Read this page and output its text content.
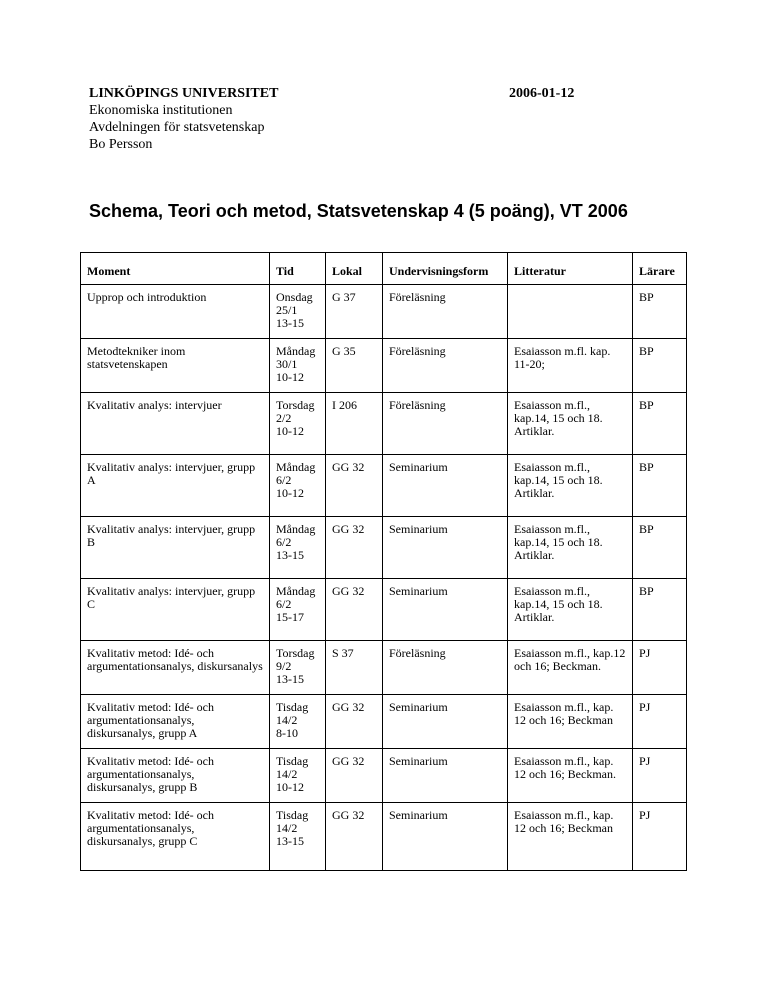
LINKÖPINGS UNIVERSITET
Ekonomiska institutionen
Avdelningen för statsvetenskap
Bo Persson
2006-01-12
Schema, Teori och metod, Statsvetenskap 4 (5 poäng), VT 2006
Moment	Tid	Lokal	Undervisningsform	Litteratur	Lärare
Upprop och introduktion	Onsdag
25/1
13-15	G 37	Föreläsning		BP
Metodtekniker inom statsvetenskapen	Måndag
30/1
10-12	G 35	Föreläsning	Esaiasson m.fl. kap. 11-20;	BP
Kvalitativ analys: intervjuer	Torsdag
2/2
10-12	I 206	Föreläsning	Esaiasson m.fl., kap.14, 15 och 18. Artiklar.	BP
Kvalitativ analys: intervjuer, grupp A	Måndag
6/2
10-12	GG 32	Seminarium	Esaiasson m.fl., kap.14, 15 och 18. Artiklar.	BP
Kvalitativ analys: intervjuer, grupp B	Måndag
6/2
13-15	GG 32	Seminarium	Esaiasson m.fl., kap.14, 15 och 18. Artiklar.	BP
Kvalitativ analys: intervjuer, grupp C	Måndag
6/2
15-17	GG 32	Seminarium	Esaiasson m.fl., kap.14, 15 och 18. Artiklar.	BP
Kvalitativ metod: Idé- och argumentationsanalys, diskursanalys	Torsdag
9/2
13-15	S 37	Föreläsning	Esaiasson m.fl., kap.12 och 16; Beckman.	PJ
Kvalitativ metod: Idé- och argumentationsanalys, diskursanalys, grupp A	Tisdag
14/2
8-10	GG 32	Seminarium	Esaiasson m.fl., kap. 12 och 16; Beckman	PJ
Kvalitativ metod: Idé- och argumentationsanalys, diskursanalys, grupp B	Tisdag
14/2
10-12	GG 32	Seminarium	Esaiasson m.fl., kap. 12 och 16; Beckman.	PJ
Kvalitativ metod: Idé- och argumentationsanalys, diskursanalys, grupp C	Tisdag
14/2
13-15	GG 32	Seminarium	Esaiasson m.fl., kap. 12 och 16; Beckman	PJ
